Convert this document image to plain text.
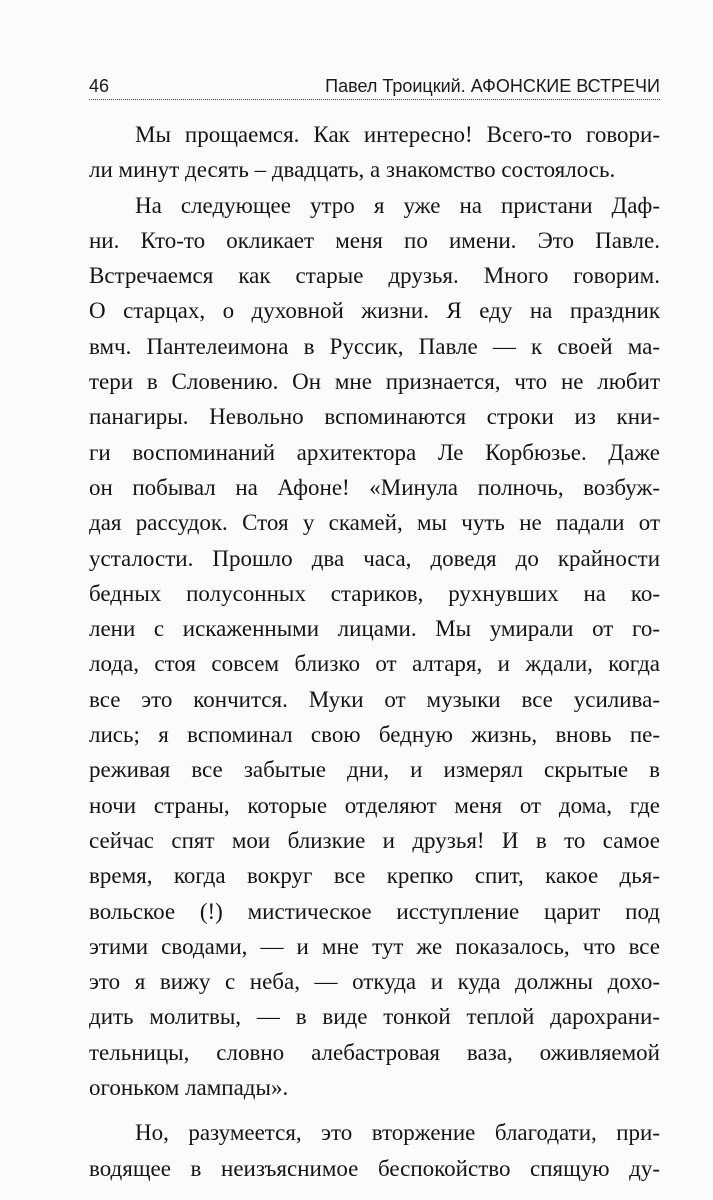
46	Павел Троицкий. АФОНСКИЕ ВСТРЕЧИ
Мы прощаемся. Как интересно! Всего-то говори-
ли минут десять – двадцать, а знакомство состоялось.
На следующее утро я уже на пристани Даф-
ни. Кто-то окликает меня по имени. Это Павле.
Встречаемся как старые друзья. Много говорим.
О старцах, о духовной жизни. Я еду на праздник
вмч. Пантелеимона в Руссик, Павле — к своей ма-
тери в Словению. Он мне признается, что не любит
панагиры. Невольно вспоминаются строки из кни-
ги воспоминаний архитектора Ле Корбюзье. Даже
он побывал на Афоне! «Минула полночь, возбуж-
дая рассудок. Стоя у скамей, мы чуть не падали от
усталости. Прошло два часа, доведя до крайности
бедных полусонных стариков, рухнувших на ко-
лени с искаженными лицами. Мы умирали от го-
лода, стоя совсем близко от алтаря, и ждали, когда
все это кончится. Муки от музыки все усилива-
лись; я вспоминал свою бедную жизнь, вновь пе-
реживая все забытые дни, и измерял скрытые в
ночи страны, которые отделяют меня от дома, где
сейчас спят мои близкие и друзья! И в то самое
время, когда вокруг все крепко спит, какое дья-
вольское (!) мистическое исступление царит под
этими сводами, — и мне тут же показалось, что все
это я вижу с неба, — откуда и куда должны дохо-
дить молитвы, — в виде тонкой теплой дарохрани-
тельницы, словно алебастровая ваза, оживляемой
огоньком лампады».
Но, разумеется, это вторжение благодати, при-
водящее в неизъяснимое беспокойство спящую ду-
